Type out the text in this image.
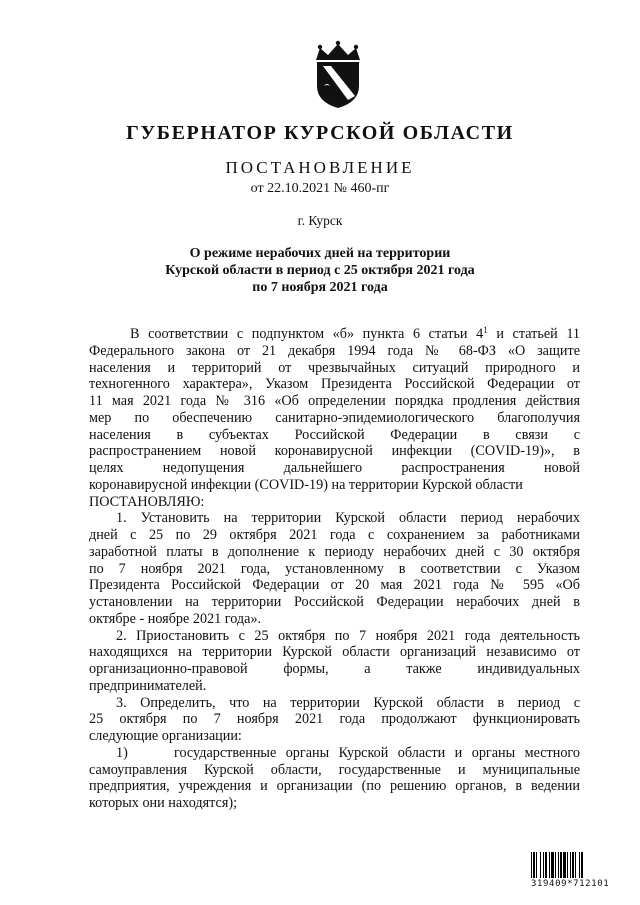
ГУБЕРНАТОР КУРСКОЙ ОБЛАСТИ
ПОСТАНОВЛЕНИЕ
от 22.10.2021 № 460-пг
г. Курск
О режиме нерабочих дней на территории
Курской области в период с 25 октября 2021 года
по 7 ноября 2021 года
В соответствии с подпунктом «б» пункта 6 статьи $4^1$ и статьей 11
Федерального закона от 21 декабря 1994 года № 68-ФЗ «О защите
населения и территорий от чрезвычайных ситуаций природного и
техногенного характера», Указом Президента Российской Федерации от
11 мая 2021 года № 316 «Об определении порядка продления действия
мер по обеспечению санитарно-эпидемиологического благополучия
населения в субъектах Российской Федерации в связи с
распространением новой коронавирусной инфекции (COVID-19)», в
целях недопущения дальнейшего распространения новой
коронавирусной инфекции (COVID-19) на территории Курской области
ПОСТАНОВЛЯЮ:
1. Установить на территории Курской области период нерабочих
дней с 25 по 29 октября 2021 года с сохранением за работниками
заработной платы в дополнение к периоду нерабочих дней с 30 октября
по 7 ноября 2021 года, установленному в соответствии с Указом
Президента Российской Федерации от 20 мая 2021 года № 595 «Об
установлении на территории Российской Федерации нерабочих дней в
октябре - ноябре 2021 года».
2. Приостановить с 25 октября по 7 ноября 2021 года деятельность
находящихся на территории Курской области организаций независимо от
организационно-правовой формы, а также индивидуальных
предпринимателей.
3. Определить, что на территории Курской области в период с
25 октября по 7 ноября 2021 года продолжают функционировать
следующие организации:
1)	государственные органы Курской области и органы местного
самоуправления Курской области, государственные и муниципальные
предприятия, учреждения и организации (по решению органов, в ведении
которых они находятся);
319409*712101
